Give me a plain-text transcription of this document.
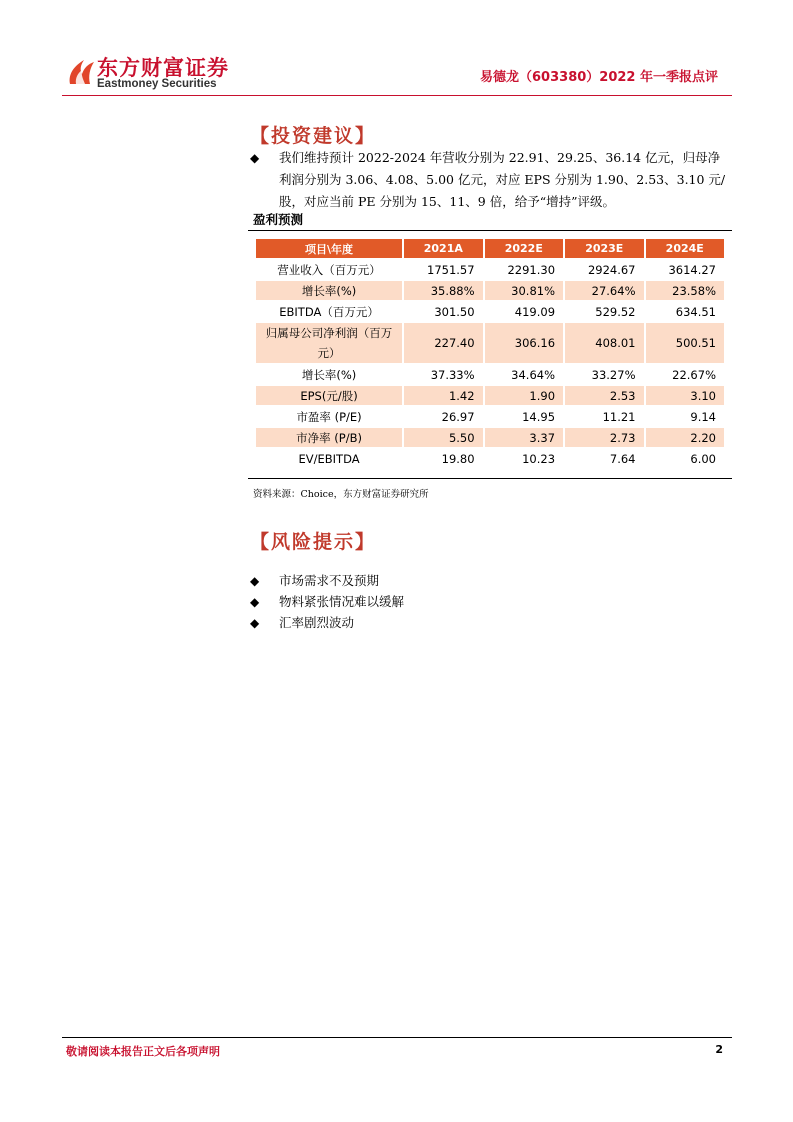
东方财富证券
Eastmoney Securities	易德龙（603380）2022 年一季报点评
【投资建议】
◆ 我们维持预计 2022-2024 年营收分别为 22.91、29.25、36.14 亿元，归母净利润分别为 3.06、4.08、5.00 亿元，对应 EPS 分别为 1.90、2.53、3.10 元/股，对应当前 PE 分别为 15、11、9 倍，给予“增持”评级。
盈利预测
项目\年度	2021A	2022E	2023E	2024E
营业收入（百万元）	1751.57	2291.30	2924.67	3614.27
增长率(%)	35.88%	30.81%	27.64%	23.58%
EBITDA（百万元）	301.50	419.09	529.52	634.51
归属母公司净利润（百万元）	227.40	306.16	408.01	500.51
增长率(%)	37.33%	34.64%	33.27%	22.67%
EPS(元/股)	1.42	1.90	2.53	3.10
市盈率 (P/E)	26.97	14.95	11.21	9.14
市净率 (P/B)	5.50	3.37	2.73	2.20
EV/EBITDA	19.80	10.23	7.64	6.00
资料来源：Choice，东方财富证券研究所
【风险提示】
◆ 市场需求不及预期
◆ 物料紧张情况难以缓解
◆ 汇率剧烈波动
敬请阅读本报告正文后各项声明	2
